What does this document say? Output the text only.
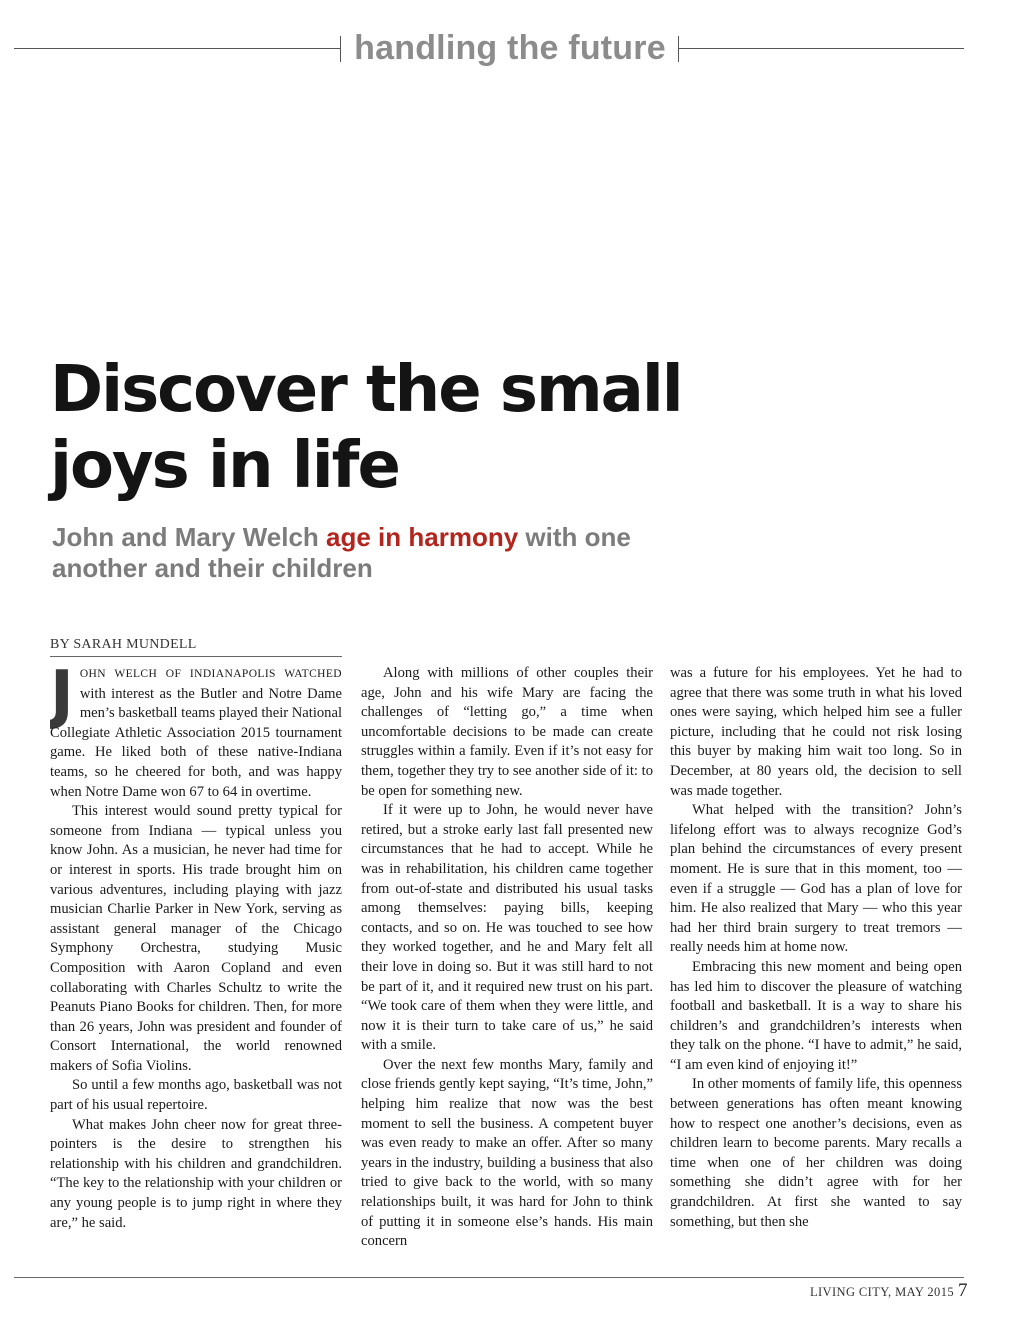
handling the future
Discover the small joys in life
John and Mary Welch age in harmony with one another and their children
BY SARAH MUNDELL

JOHN WELCH OF INDIANAPOLIS WATCHED with interest as the Butler and Notre Dame men’s basketball teams played their National Collegiate Athletic Association 2015 tournament game. He liked both of these native-Indiana teams, so he cheered for both, and was happy when Notre Dame won 67 to 64 in overtime.

This interest would sound pretty typical for someone from Indiana — typical unless you know John. As a musician, he never had time for or interest in sports. His trade brought him on various adventures, including playing with jazz musician Charlie Parker in New York, serving as assistant general manager of the Chicago Symphony Orchestra, studying Music Composition with Aaron Copland and even collaborating with Charles Schultz to write the Peanuts Piano Books for children. Then, for more than 26 years, John was president and founder of Consort International, the world renowned makers of Sofia Violins.

So until a few months ago, basketball was not part of his usual repertoire.

What makes John cheer now for great three-pointers is the desire to strengthen his relationship with his children and grandchildren. “The key to the relationship with your children or any young people is to jump right in where they are,” he said.

Along with millions of other couples their age, John and his wife Mary are facing the challenges of “letting go,” a time when uncomfortable decisions to be made can create struggles within a family. Even if it’s not easy for them, together they try to see another side of it: to be open for something new.

If it were up to John, he would never have retired, but a stroke early last fall presented new circumstances that he had to accept. While he was in rehabilitation, his children came together from out-of-state and distributed his usual tasks among themselves: paying bills, keeping contacts, and so on. He was touched to see how they worked together, and he and Mary felt all their love in doing so. But it was still hard to not be part of it, and it required new trust on his part. “We took care of them when they were little, and now it is their turn to take care of us,” he said with a smile.

Over the next few months Mary, family and close friends gently kept saying, “It’s time, John,” helping him realize that now was the best moment to sell the business. A competent buyer was even ready to make an offer. After so many years in the industry, building a business that also tried to give back to the world, with so many relationships built, it was hard for John to think of putting it in someone else’s hands. His main concern

was a future for his employees. Yet he had to agree that there was some truth in what his loved ones were saying, which helped him see a fuller picture, including that he could not risk losing this buyer by making him wait too long. So in December, at 80 years old, the decision to sell was made together.

What helped with the transition? John’s lifelong effort was to always recognize God’s plan behind the circumstances of every present moment. He is sure that in this moment, too — even if a struggle — God has a plan of love for him. He also realized that Mary — who this year had her third brain surgery to treat tremors — really needs him at home now.

Embracing this new moment and being open has led him to discover the pleasure of watching football and basketball. It is a way to share his children’s and grandchildren’s interests when they talk on the phone. “I have to admit,” he said, “I am even kind of enjoying it!”

In other moments of family life, this openness between generations has often meant knowing how to respect one another’s decisions, even as children learn to become parents. Mary recalls a time when one of her children was doing something she didn’t agree with for her grandchildren. At first she wanted to say something, but then she

LIVING CITY, MAY 2015 7
